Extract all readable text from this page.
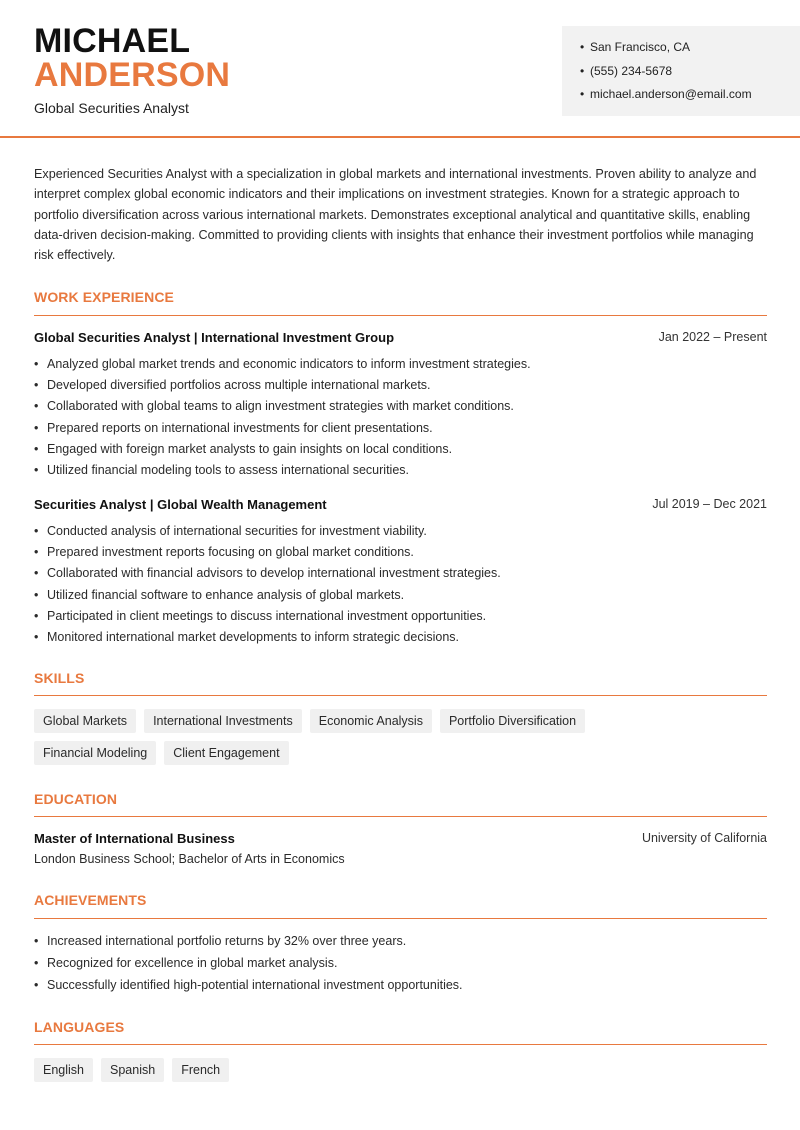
MICHAEL
ANDERSON
Global Securities Analyst
• San Francisco, CA
• (555) 234-5678
• michael.anderson@email.com
Experienced Securities Analyst with a specialization in global markets and international investments. Proven ability to analyze and interpret complex global economic indicators and their implications on investment strategies. Known for a strategic approach to portfolio diversification across various international markets. Demonstrates exceptional analytical and quantitative skills, enabling data-driven decision-making. Committed to providing clients with insights that enhance their investment portfolios while managing risk effectively.
WORK EXPERIENCE
Global Securities Analyst | International Investment Group	Jan 2022 – Present
• Analyzed global market trends and economic indicators to inform investment strategies.
• Developed diversified portfolios across multiple international markets.
• Collaborated with global teams to align investment strategies with market conditions.
• Prepared reports on international investments for client presentations.
• Engaged with foreign market analysts to gain insights on local conditions.
• Utilized financial modeling tools to assess international securities.
Securities Analyst | Global Wealth Management	Jul 2019 – Dec 2021
• Conducted analysis of international securities for investment viability.
• Prepared investment reports focusing on global market conditions.
• Collaborated with financial advisors to develop international investment strategies.
• Utilized financial software to enhance analysis of global markets.
• Participated in client meetings to discuss international investment opportunities.
• Monitored international market developments to inform strategic decisions.
SKILLS
Global Markets	International Investments	Economic Analysis	Portfolio Diversification
Financial Modeling	Client Engagement
EDUCATION
Master of International Business	University of California
London Business School; Bachelor of Arts in Economics
ACHIEVEMENTS
• Increased international portfolio returns by 32% over three years.
• Recognized for excellence in global market analysis.
• Successfully identified high-potential international investment opportunities.
LANGUAGES
English	Spanish	French
